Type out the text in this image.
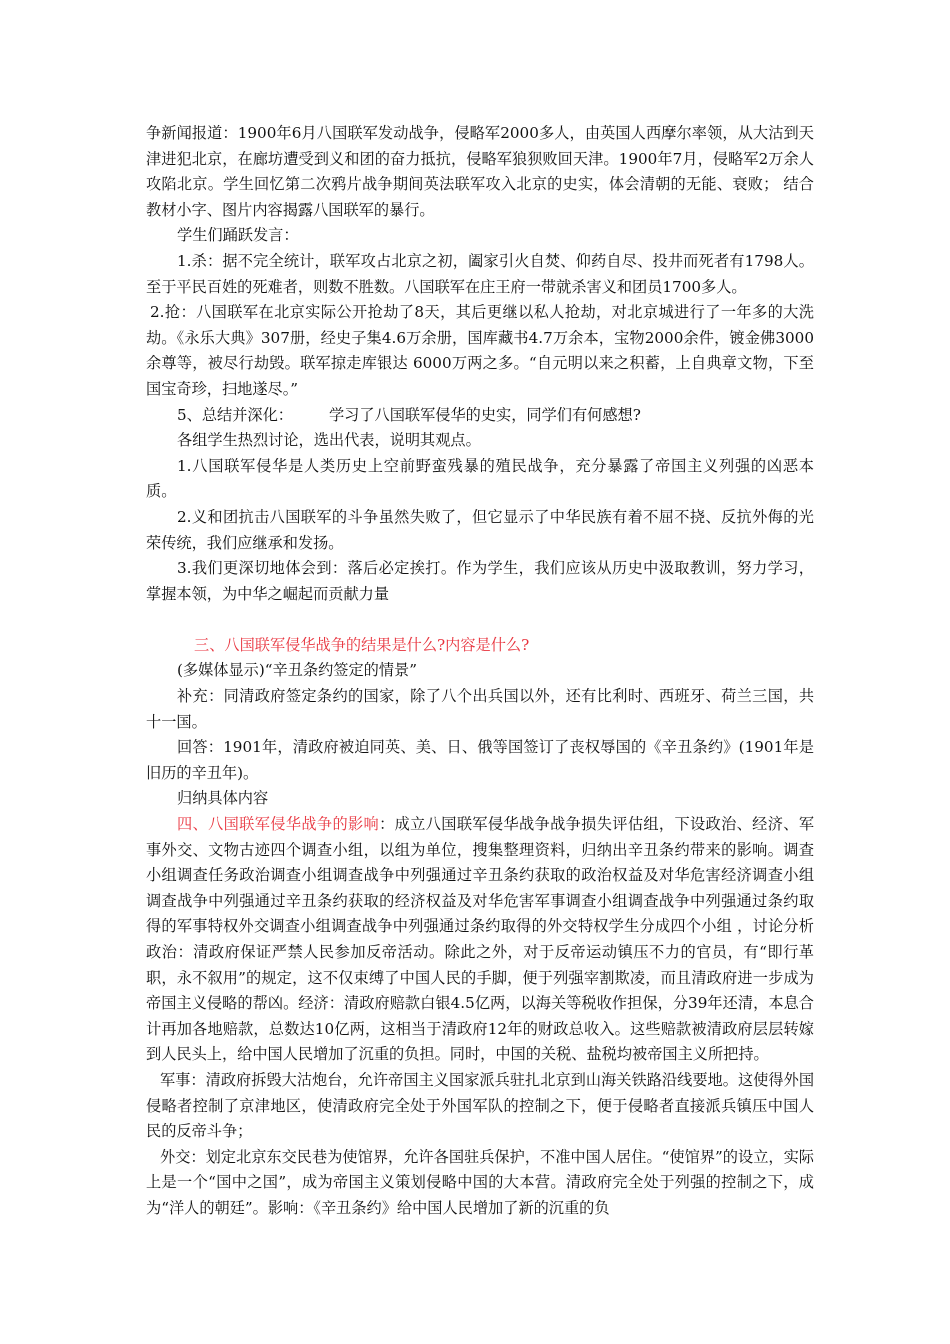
争新闻报道：1900年6月八国联军发动战争，侵略军2000多人，由英国人西摩尔率领，从大沽到天津进犯北京，在廊坊遭受到义和团的奋力抵抗，侵略军狼狈败回天津。1900年7月，侵略军2万余人攻陷北京。学生回忆第二次鸦片战争期间英法联军攻入北京的史实，体会清朝的无能、衰败； 结合教材小字、图片内容揭露八国联军的暴行。

学生们踊跃发言：

1.杀：据不完全统计，联军攻占北京之初，阖家引火自焚、仰药自尽、投井而死者有1798人。至于平民百姓的死难者，则数不胜数。八国联军在庄王府一带就杀害义和团员1700多人。

2.抢：八国联军在北京实际公开抢劫了8天，其后更继以私人抢劫，对北京城进行了一年多的大洗劫。《永乐大典》307册，经史子集4.6万余册，国库藏书4.7万余本，宝物2000余件，镀金佛3000余尊等，被尽行劫毁。联军掠走库银达 6000万两之多。“自元明以来之积蓄，上自典章文物，下至国宝奇珍，扫地遂尽。”

5、总结并深化： 学习了八国联军侵华的史实，同学们有何感想?

各组学生热烈讨论，选出代表，说明其观点。

1.八国联军侵华是人类历史上空前野蛮残暴的殖民战争，充分暴露了帝国主义列强的凶恶本质。

2.义和团抗击八国联军的斗争虽然失败了，但它显示了中华民族有着不屈不挠、反抗外侮的光荣传统，我们应继承和发扬。

3.我们更深切地体会到：落后必定挨打。作为学生，我们应该从历史中汲取教训，努力学习，掌握本领，为中华之崛起而贡献力量

三、八国联军侵华战争的结果是什么?内容是什么?

(多媒体显示)“辛丑条约签定的情景”

补充：同清政府签定条约的国家，除了八个出兵国以外，还有比利时、西班牙、荷兰三国，共十一国。

回答：1901年，清政府被迫同英、美、日、俄等国签订了丧权辱国的《辛丑条约》(1901年是旧历的辛丑年)。

归纳具体内容

四、八国联军侵华战争的影响：成立八国联军侵华战争战争损失评估组，下设政治、经济、军事外交、文物古迹四个调查小组，以组为单位，搜集整理资料，归纳出辛丑条约带来的影响。调查小组调查任务政治调查小组调查战争中列强通过辛丑条约获取的政治权益及对华危害经济调查小组调查战争中列强通过辛丑条约获取的经济权益及对华危害军事调查小组调查战争中列强通过条约取得的军事特权外交调查小组调查战争中列强通过条约取得的外交特权学生分成四个小组 ，讨论分析政治：清政府保证严禁人民参加反帝活动。除此之外，对于反帝运动镇压不力的官员，有“即行革职，永不叙用”的规定，这不仅束缚了中国人民的手脚，便于列强宰割欺凌，而且清政府进一步成为帝国主义侵略的帮凶。经济：清政府赔款白银4.5亿两，以海关等税收作担保，分39年还清，本息合计再加各地赔款，总数达10亿两，这相当于清政府12年的财政总收入。这些赔款被清政府层层转嫁到人民头上，给中国人民增加了沉重的负担。同时，中国的关税、盐税均被帝国主义所把持。

军事：清政府拆毁大沽炮台，允许帝国主义国家派兵驻扎北京到山海关铁路沿线要地。这使得外国侵略者控制了京津地区，使清政府完全处于外国军队的控制之下，便于侵略者直接派兵镇压中国人民的反帝斗争；

外交：划定北京东交民巷为使馆界，允许各国驻兵保护，不准中国人居住。“使馆界”的设立，实际上是一个“国中之国”，成为帝国主义策划侵略中国的大本营。清政府完全处于列强的控制之下，成为“洋人的朝廷”。影响：《辛丑条约》给中国人民增加了新的沉重的负
